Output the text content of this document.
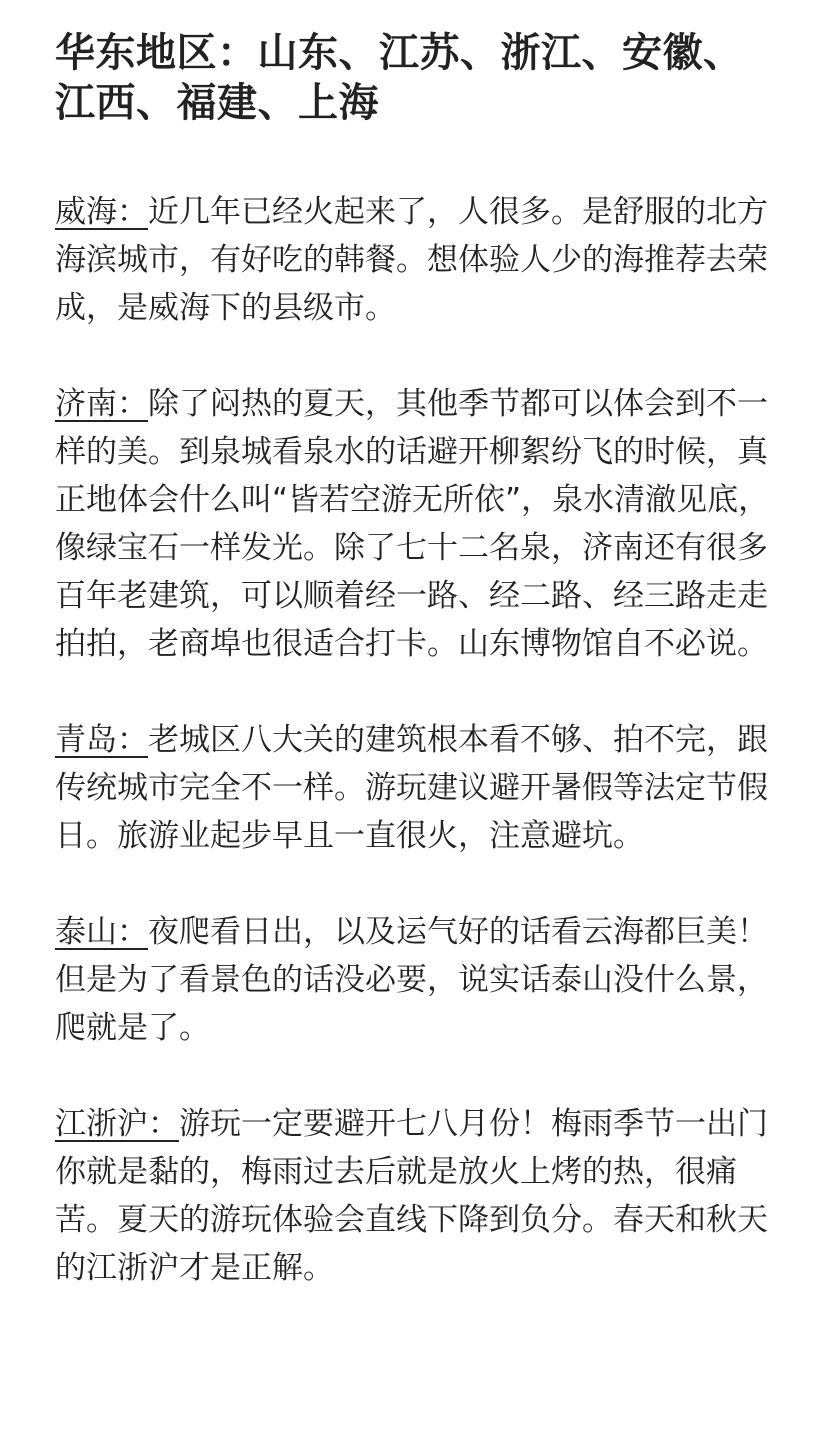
华东地区：山东、江苏、浙江、安徽、江西、福建、上海

威海：近几年已经火起来了，人很多。是舒服的北方海滨城市，有好吃的韩餐。想体验人少的海推荐去荣成，是威海下的县级市。

济南：除了闷热的夏天，其他季节都可以体会到不一样的美。到泉城看泉水的话避开柳絮纷飞的时候，真正地体会什么叫“皆若空游无所依”，泉水清澈见底，像绿宝石一样发光。除了七十二名泉，济南还有很多百年老建筑，可以顺着经一路、经二路、经三路走走拍拍，老商埠也很适合打卡。山东博物馆自不必说。

青岛：老城区八大关的建筑根本看不够、拍不完，跟传统城市完全不一样。游玩建议避开暑假等法定节假日。旅游业起步早且一直很火，注意避坑。

泰山：夜爬看日出，以及运气好的话看云海都巨美！但是为了看景色的话没必要，说实话泰山没什么景，爬就是了。

江浙沪：游玩一定要避开七八月份！梅雨季节一出门你就是黏的，梅雨过去后就是放火上烤的热，很痛苦。夏天的游玩体验会直线下降到负分。春天和秋天的江浙沪才是正解。
